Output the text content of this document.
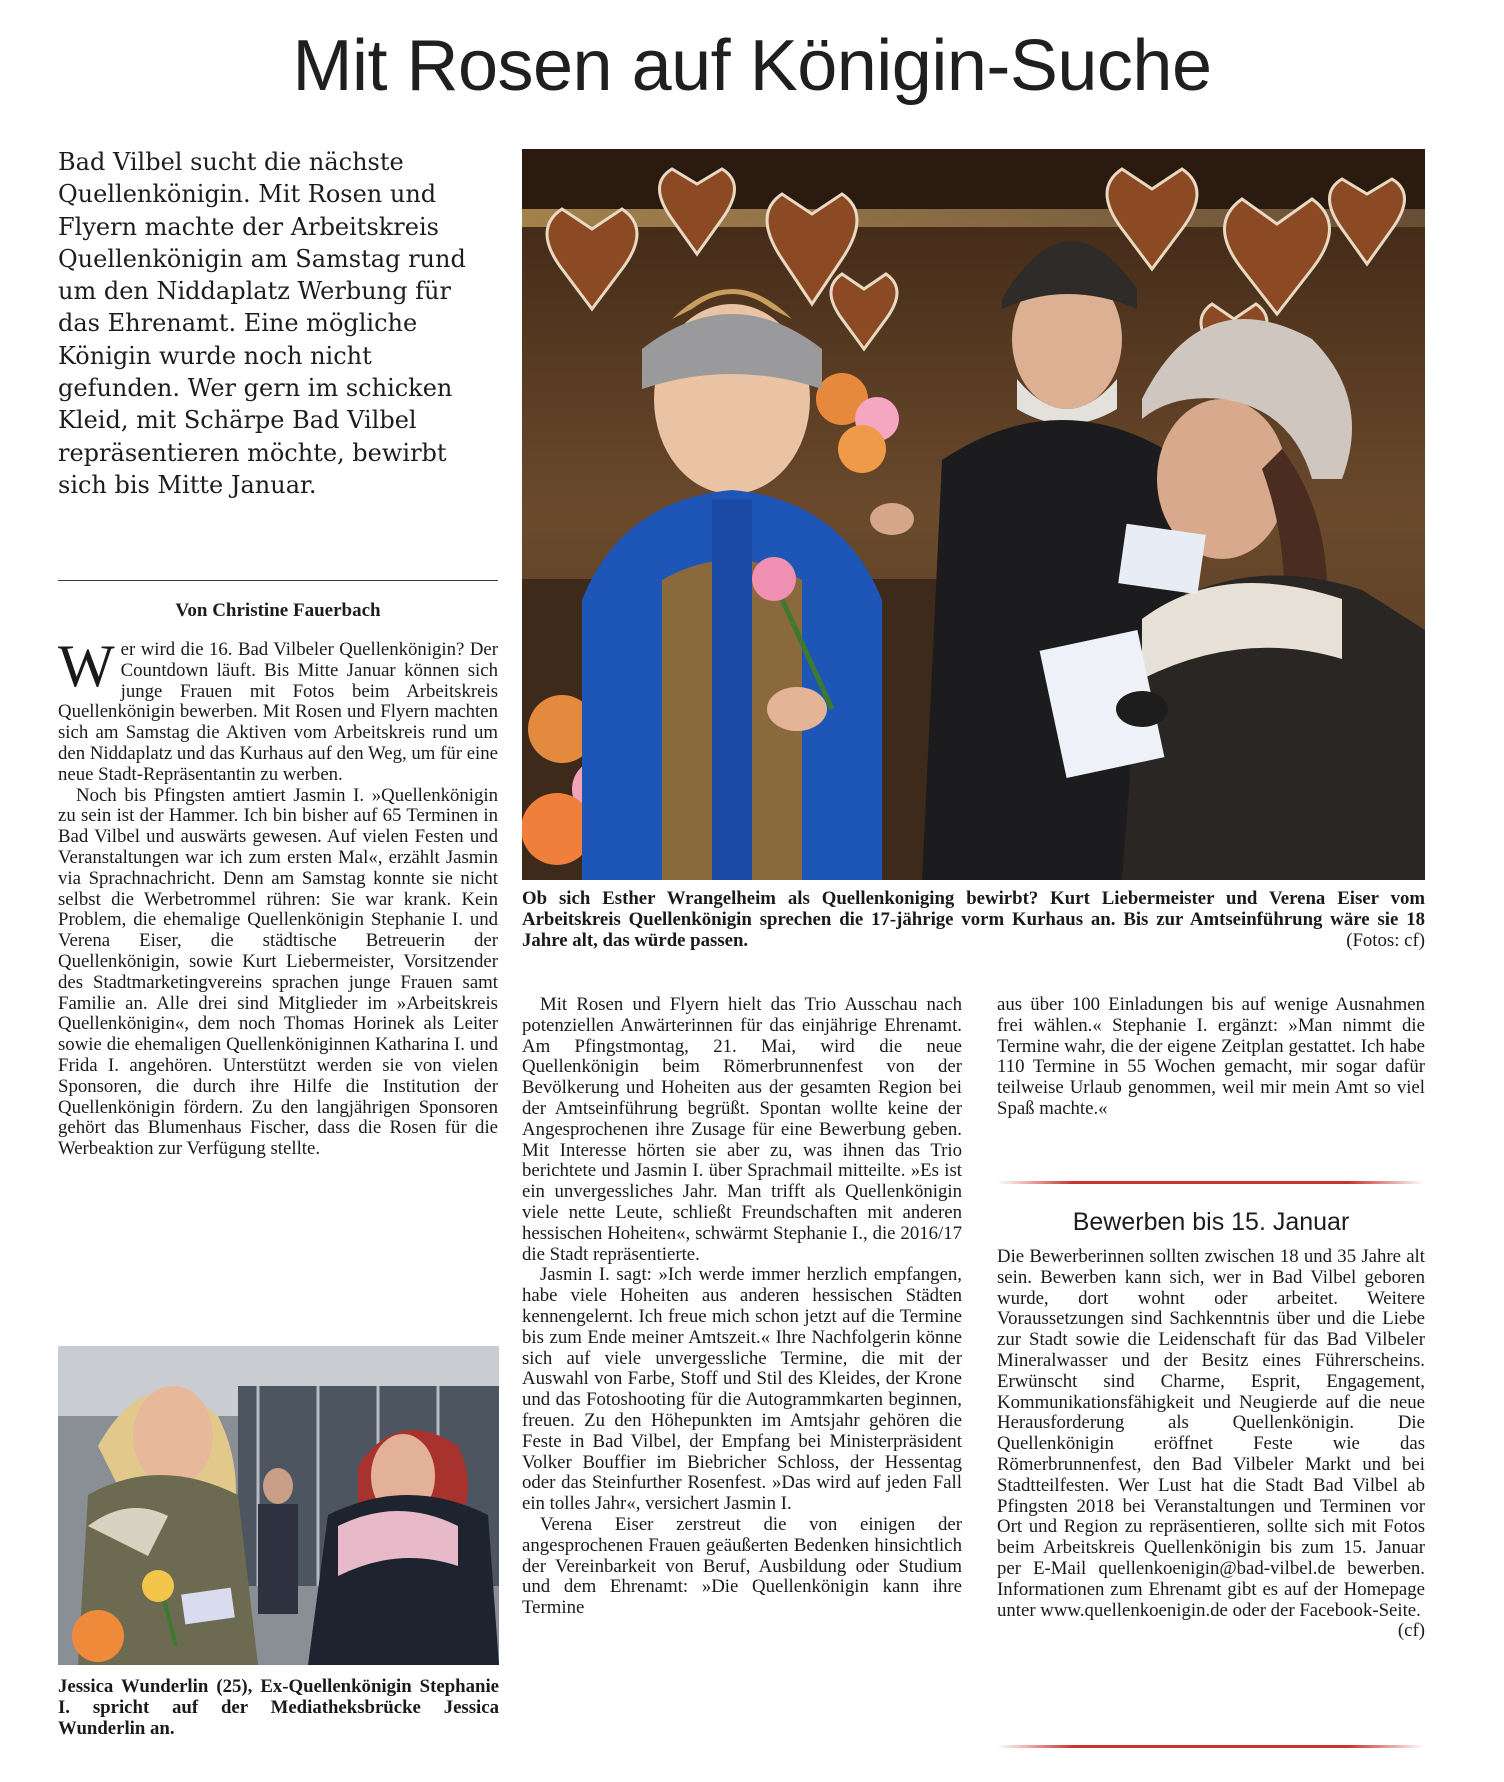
Mit Rosen auf Königin-Suche

Bad Vilbel sucht die nächste Quellenkönigin. Mit Rosen und Flyern machte der Arbeitskreis Quellenkönigin am Samstag rund um den Niddaplatz Werbung für das Ehrenamt. Eine mögliche Königin wurde noch nicht gefunden. Wer gern im schicken Kleid, mit Schärpe Bad Vilbel repräsentieren möchte, bewirbt sich bis Mitte Januar.

Von Christine Fauerbach

Wer wird die 16. Bad Vilbeler Quellenkönigin? Der Countdown läuft. Bis Mitte Januar können sich junge Frauen mit Fotos beim Arbeitskreis Quellenkönigin bewerben. Mit Rosen und Flyern machten sich am Samstag die Aktiven vom Arbeitskreis rund um den Niddaplatz und das Kurhaus auf den Weg, um für eine neue Stadt-Repräsentantin zu werben.

Noch bis Pfingsten amtiert Jasmin I. »Quellenkönigin zu sein ist der Hammer. Ich bin bisher auf 65 Terminen in Bad Vilbel und auswärts gewesen. Auf vielen Festen und Veranstaltungen war ich zum ersten Mal«, erzählt Jasmin via Sprachnachricht. Denn am Samstag konnte sie nicht selbst die Werbetrommel rühren: Sie war krank. Kein Problem, die ehemalige Quellenkönigin Stephanie I. und Verena Eiser, die städtische Betreuerin der Quellenkönigin, sowie Kurt Liebermeister, Vorsitzender des Stadtmarketingvereins sprachen junge Frauen samt Familie an. Alle drei sind Mitglieder im »Arbeitskreis Quellenkönigin«, dem noch Thomas Horinek als Leiter sowie die ehemaligen Quellenköniginnen Katharina I. und Frida I. angehören. Unterstützt werden sie von vielen Sponsoren, die durch ihre Hilfe die Institution der Quellenkönigin fördern. Zu den langjährigen Sponsoren gehört das Blumenhaus Fischer, dass die Rosen für die Werbeaktion zur Verfügung stellte.

Ob sich Esther Wrangelheim als Quellenkoniging bewirbt? Kurt Liebermeister und Verena Eiser vom Arbeitskreis Quellenkönigin sprechen die 17-jährige vorm Kurhaus an. Bis zur Amtseinführung wäre sie 18 Jahre alt, das würde passen.	(Fotos: cf)
Jessica Wunderlin (25), Ex-Quellenkönigin Stephanie I. spricht auf der Mediatheksbrücke Jessica Wunderlin an.

Mit Rosen und Flyern hielt das Trio Ausschau nach potenziellen Anwärterinnen für das einjährige Ehrenamt. Am Pfingstmontag, 21. Mai, wird die neue Quellenkönigin beim Römerbrunnenfest von der Bevölkerung und Hoheiten aus der gesamten Region bei der Amtseinführung begrüßt. Spontan wollte keine der Angesprochenen ihre Zusage für eine Bewerbung geben. Mit Interesse hörten sie aber zu, was ihnen das Trio berichtete und Jasmin I. über Sprachmail mitteilte. »Es ist ein unvergessliches Jahr. Man trifft als Quellenkönigin viele nette Leute, schließt Freundschaften mit anderen hessischen Hoheiten«, schwärmt Stephanie I., die 2016/17 die Stadt repräsentierte.

Jasmin I. sagt: »Ich werde immer herzlich empfangen, habe viele Hoheiten aus anderen hessischen Städten kennengelernt. Ich freue mich schon jetzt auf die Termine bis zum Ende meiner Amtszeit.« Ihre Nachfolgerin könne sich auf viele unvergessliche Termine, die mit der Auswahl von Farbe, Stoff und Stil des Kleides, der Krone und das Fotoshooting für die Autogrammkarten beginnen, freuen. Zu den Höhepunkten im Amtsjahr gehören die Feste in Bad Vilbel, der Empfang bei Ministerpräsident Volker Bouffier im Biebricher Schloss, der Hessentag oder das Steinfurther Rosenfest. »Das wird auf jeden Fall ein tolles Jahr«, versichert Jasmin I.

Verena Eiser zerstreut die von einigen der angesprochenen Frauen geäußerten Bedenken hinsichtlich der Vereinbarkeit von Beruf, Ausbildung oder Studium und dem Ehrenamt: »Die Quellenkönigin kann ihre Termine

aus über 100 Einladungen bis auf wenige Ausnahmen frei wählen.« Stephanie I. ergänzt: »Man nimmt die Termine wahr, die der eigene Zeitplan gestattet. Ich habe 110 Termine in 55 Wochen gemacht, mir sogar dafür teilweise Urlaub genommen, weil mir mein Amt so viel Spaß machte.«

Bewerben bis 15. Januar

Die Bewerberinnen sollten zwischen 18 und 35 Jahre alt sein. Bewerben kann sich, wer in Bad Vilbel geboren wurde, dort wohnt oder arbeitet. Weitere Voraussetzungen sind Sachkenntnis über und die Liebe zur Stadt sowie die Leidenschaft für das Bad Vilbeler Mineralwasser und der Besitz eines Führerscheins. Erwünscht sind Charme, Esprit, Engagement, Kommunikationsfähigkeit und Neugierde auf die neue Herausforderung als Quellenkönigin. Die Quellenkönigin eröffnet Feste wie das Römerbrunnenfest, den Bad Vilbeler Markt und bei Stadtteilfesten. Wer Lust hat die Stadt Bad Vilbel ab Pfingsten 2018 bei Veranstaltungen und Terminen vor Ort und Region zu repräsentieren, sollte sich mit Fotos beim Arbeitskreis Quellenkönigin bis zum 15. Januar per E-Mail quellenkoenigin@bad-vilbel.de bewerben. Informationen zum Ehrenamt gibt es auf der Homepage unter www.quellenkoenigin.de oder der Facebook-Seite.
(cf)
